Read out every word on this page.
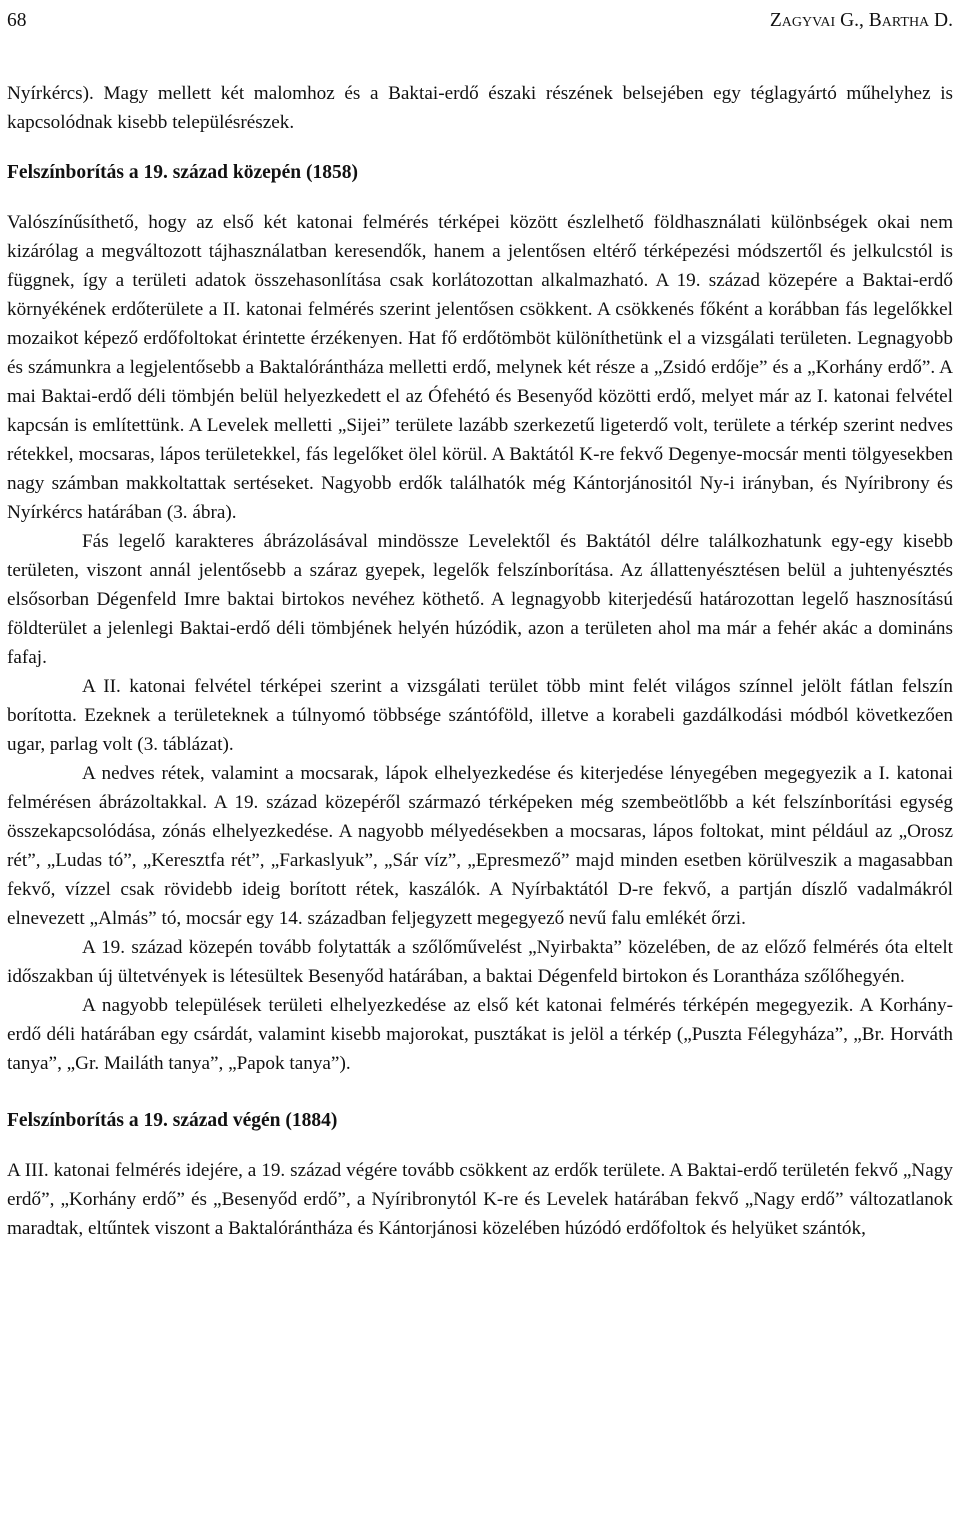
68	Zagyvai G., Bartha D.

Nyírkércs). Magy mellett két malomhoz és a Baktai-erdő északi részének belsejében egy téglagyártó műhelyhez is kapcsolódnak kisebb településrészek.

Felszínborítás a 19. század közepén (1858)

Valószínűsíthető, hogy az első két katonai felmérés térképei között észlelhető földhasználati különbségek okai nem kizárólag a megváltozott tájhasználatban keresendők, hanem a jelentősen eltérő térképezési módszertől és jelkulcstól is függnek, így a területi adatok összehasonlítása csak korlátozottan alkalmazható. A 19. század közepére a Baktai-erdő környékének erdőterülete a II. katonai felmérés szerint jelentősen csökkent. A csökkenés főként a korábban fás legelőkkel mozaikot képező erdőfoltokat érintette érzékenyen. Hat fő erdőtömböt különíthetünk el a vizsgálati területen. Legnagyobb és számunkra a legjelentősebb a Baktalórántháza melletti erdő, melynek két része a „Zsidó erdője” és a „Korhány erdő”. A mai Baktai-erdő déli tömbjén belül helyezkedett el az Ófehétó és Besenyőd közötti erdő, melyet már az I. katonai felvétel kapcsán is említettünk. A Levelek melletti „Sijei” területe lazább szerkezetű ligeterdő volt, területe a térkép szerint nedves rétekkel, mocsaras, lápos területekkel, fás legelőket ölel körül. A Baktától K-re fekvő Degenye-mocsár menti tölgyesekben nagy számban makkoltattak sertéseket. Nagyobb erdők találhatók még Kántorjánositól Ny-i irányban, és Nyíribrony és Nyírkércs határában (3. ábra).

Fás legelő karakteres ábrázolásával mindössze Levelektől és Baktától délre találkozhatunk egy-egy kisebb területen, viszont annál jelentősebb a száraz gyepek, legelők felszínborítása. Az állattenyésztésen belül a juhtenyésztés elsősorban Dégenfeld Imre baktai birtokos nevéhez köthető. A legnagyobb kiterjedésű határozottan legelő hasznosítású földterület a jelenlegi Baktai-erdő déli tömbjének helyén húzódik, azon a területen ahol ma már a fehér akác a domináns fafaj.

A II. katonai felvétel térképei szerint a vizsgálati terület több mint felét világos színnel jelölt fátlan felszín borította. Ezeknek a területeknek a túlnyomó többsége szántóföld, illetve a korabeli gazdálkodási módból következően ugar, parlag volt (3. táblázat).

A nedves rétek, valamint a mocsarak, lápok elhelyezkedése és kiterjedése lényegében megegyezik a I. katonai felmérésen ábrázoltakkal. A 19. század közepéről származó térképeken még szembeötlőbb a két felszínborítási egység összekapcsolódása, zónás elhelyezkedése. A nagyobb mélyedésekben a mocsaras, lápos foltokat, mint például az „Orosz rét”, „Ludas tó”, „Keresztfa rét”, „Farkaslyuk”, „Sár víz”, „Epresmező” majd minden esetben körülveszik a magasabban fekvő, vízzel csak rövidebb ideig borított rétek, kaszálók. A Nyírbaktától D-re fekvő, a partján díszlő vadalmákról elnevezett „Almás” tó, mocsár egy 14. században feljegyzett megegyező nevű falu emlékét őrzi.

A 19. század közepén tovább folytatták a szőlőművelést „Nyirbakta” közelében, de az előző felmérés óta eltelt időszakban új ültetvények is létesültek Besenyőd határában, a baktai Dégenfeld birtokon és Lorantháza szőlőhegyén.

A nagyobb települések területi elhelyezkedése az első két katonai felmérés térképén megegyezik. A Korhány-erdő déli határában egy csárdát, valamint kisebb majorokat, pusztákat is jelöl a térkép („Puszta Félegyháza”, „Br. Horváth tanya”, „Gr. Mailáth tanya”, „Papok tanya”).

Felszínborítás a 19. század végén (1884)

A III. katonai felmérés idejére, a 19. század végére tovább csökkent az erdők területe. A Baktai-erdő területén fekvő „Nagy erdő”, „Korhány erdő” és „Besenyőd erdő”, a Nyíribronytól K-re és Levelek határában fekvő „Nagy erdő” változatlanok maradtak, eltűntek viszont a Baktalórántháza és Kántorjánosi közelében húzódó erdőfoltok és helyüket szántók,
